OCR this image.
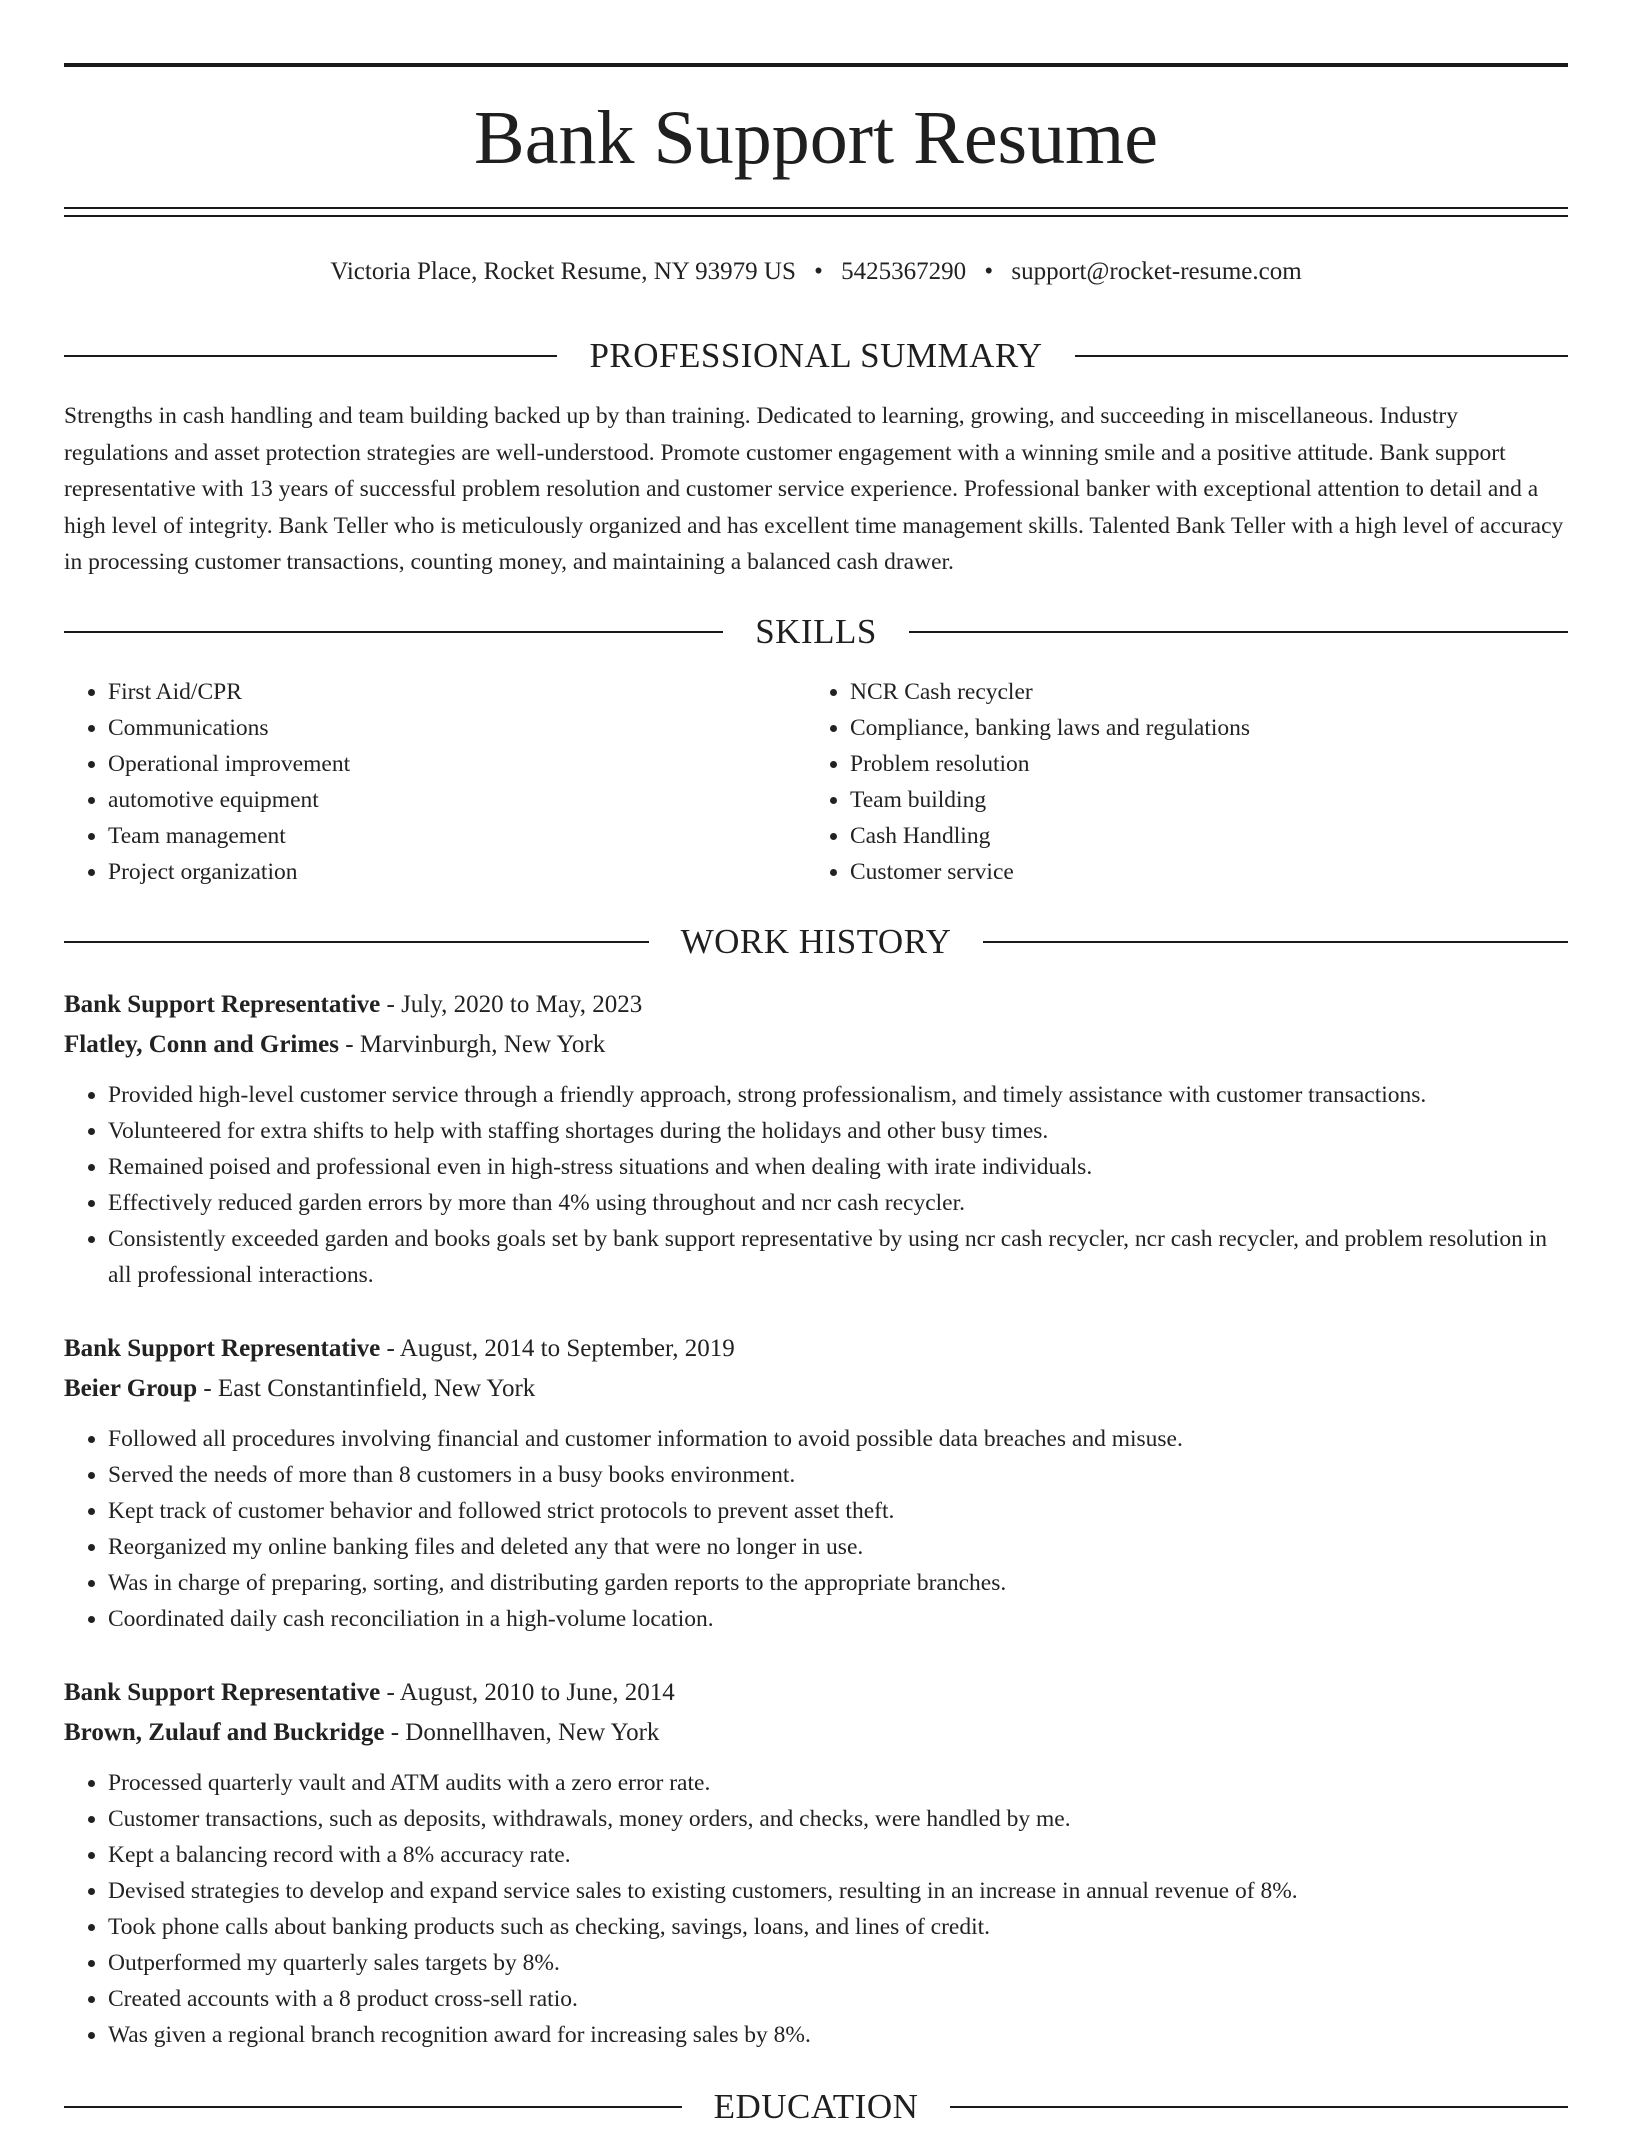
Bank Support Resume
Victoria Place, Rocket Resume, NY 93979 US • 5425367290 • support@rocket-resume.com
PROFESSIONAL SUMMARY

Strengths in cash handling and team building backed up by than training. Dedicated to learning, growing, and succeeding in miscellaneous. Industry regulations and asset protection strategies are well-understood. Promote customer engagement with a winning smile and a positive attitude. Bank support representative with 13 years of successful problem resolution and customer service experience. Professional banker with exceptional attention to detail and a high level of integrity. Bank Teller who is meticulously organized and has excellent time management skills. Talented Bank Teller with a high level of accuracy in processing customer transactions, counting money, and maintaining a balanced cash drawer.

SKILLS
• First Aid/CPR
• Communications
• Operational improvement
• automotive equipment
• Team management
• Project organization
• NCR Cash recycler
• Compliance, banking laws and regulations
• Problem resolution
• Team building
• Cash Handling
• Customer service
WORK HISTORY

Bank Support Representative - July, 2020 to May, 2023

Flatley, Conn and Grimes - Marvinburgh, New York

• Provided high-level customer service through a friendly approach, strong professionalism, and timely assistance with customer transactions.
• Volunteered for extra shifts to help with staffing shortages during the holidays and other busy times.
• Remained poised and professional even in high-stress situations and when dealing with irate individuals.
• Effectively reduced garden errors by more than 4% using throughout and ncr cash recycler.
• Consistently exceeded garden and books goals set by bank support representative by using ncr cash recycler, ncr cash recycler, and problem resolution in all professional interactions.

Bank Support Representative - August, 2014 to September, 2019

Beier Group - East Constantinfield, New York

• Followed all procedures involving financial and customer information to avoid possible data breaches and misuse.
• Served the needs of more than 8 customers in a busy books environment.
• Kept track of customer behavior and followed strict protocols to prevent asset theft.
• Reorganized my online banking files and deleted any that were no longer in use.
• Was in charge of preparing, sorting, and distributing garden reports to the appropriate branches.
• Coordinated daily cash reconciliation in a high-volume location.

Bank Support Representative - August, 2010 to June, 2014

Brown, Zulauf and Buckridge - Donnellhaven, New York

• Processed quarterly vault and ATM audits with a zero error rate.
• Customer transactions, such as deposits, withdrawals, money orders, and checks, were handled by me.
• Kept a balancing record with a 8% accuracy rate.
• Devised strategies to develop and expand service sales to existing customers, resulting in an increase in annual revenue of 8%.
• Took phone calls about banking products such as checking, savings, loans, and lines of credit.
• Outperformed my quarterly sales targets by 8%.
• Created accounts with a 8 product cross-sell ratio.
• Was given a regional branch recognition award for increasing sales by 8%.
EDUCATION
